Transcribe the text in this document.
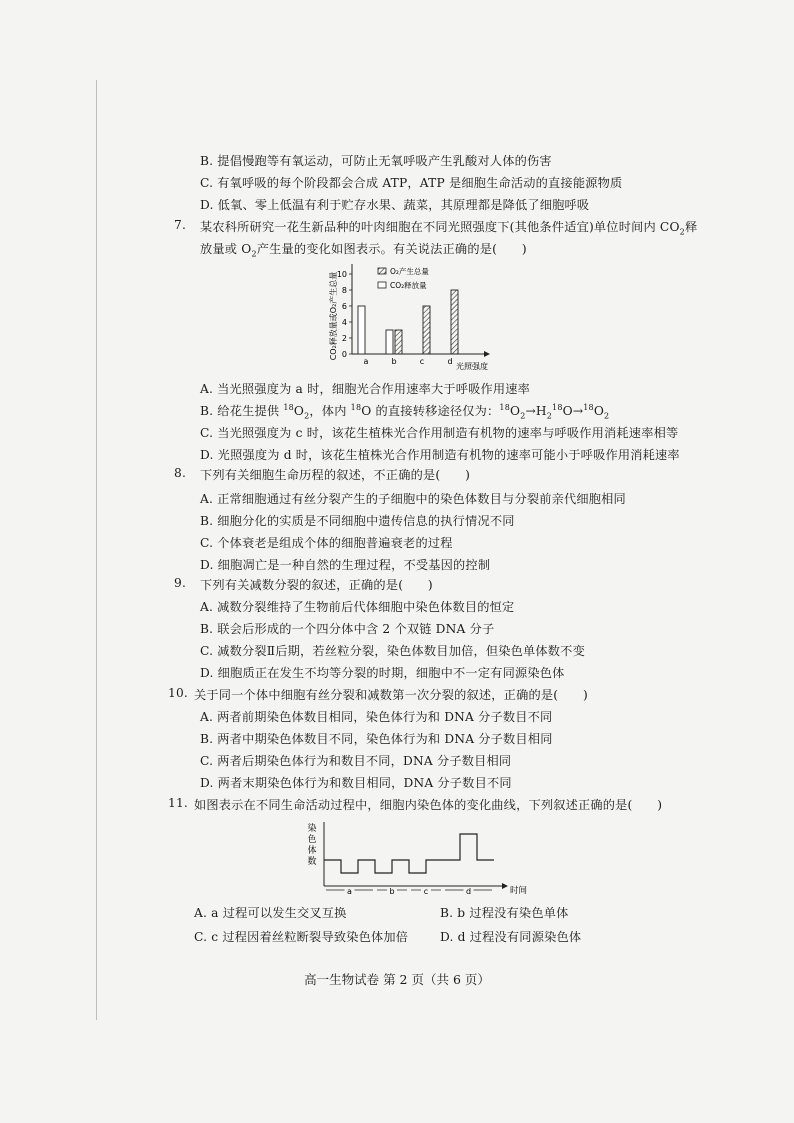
B. 提倡慢跑等有氧运动，可防止无氧呼吸产生乳酸对人体的伤害
C. 有氧呼吸的每个阶段都会合成 ATP，ATP 是细胞生命活动的直接能源物质
D. 低氧、零上低温有利于贮存水果、蔬菜，其原理都是降低了细胞呼吸
7. 某农科所研究一花生新品种的叶肉细胞在不同光照强度下(其他条件适宜)单位时间内 $CO_2$释
放量或 $O_2$产生量的变化如图表示。有关说法正确的是(　　)
CO₂释放量或O₂产生总量
光照强度
0
2
4
6
8
10
a	b	c	d
O₂产生总量
CO₂释放量
A. 当光照强度为 a 时，细胞光合作用速率大于呼吸作用速率
B. 给花生提供 $^{18}O_2$，体内 $^{18}$O 的直接转移途径仅为：$^{18}O_2\to H_2^{18}O\to^{18}O_2$
C. 当光照强度为 c 时，该花生植株光合作用制造有机物的速率与呼吸作用消耗速率相等
D. 光照强度为 d 时，该花生植株光合作用制造有机物的速率可能小于呼吸作用消耗速率
8. 下列有关细胞生命历程的叙述，不正确的是(　　)
A. 正常细胞通过有丝分裂产生的子细胞中的染色体数目与分裂前亲代细胞相同
B. 细胞分化的实质是不同细胞中遗传信息的执行情况不同
C. 个体衰老是组成个体的细胞普遍衰老的过程
D. 细胞凋亡是一种自然的生理过程，不受基因的控制
9. 下列有关减数分裂的叙述，正确的是(　　)
A. 减数分裂维持了生物前后代体细胞中染色体数目的恒定
B. 联会后形成的一个四分体中含 2 个双链 DNA 分子
C. 减数分裂Ⅱ后期，若丝粒分裂，染色体数目加倍，但染色单体数不变
D. 细胞质正在发生不均等分裂的时期，细胞中不一定有同源染色体
10. 关于同一个体中细胞有丝分裂和减数第一次分裂的叙述，正确的是(　　)
A. 两者前期染色体数目相同，染色体行为和 DNA 分子数目不同
B. 两者中期染色体数目不同，染色体行为和 DNA 分子数目相同
C. 两者后期染色体行为和数目不同，DNA 分子数目相同
D. 两者末期染色体行为和数目相同，DNA 分子数目不同
11. 如图表示在不同生命活动过程中，细胞内染色体的变化曲线，下列叙述正确的是(　　)
染
色
体
数
时间
a	b	c	d
A. a 过程可以发生交叉互换	B. b 过程没有染色单体
C. c 过程因着丝粒断裂导致染色体加倍	D. d 过程没有同源染色体
高一生物试卷 第 2 页（共 6 页）
